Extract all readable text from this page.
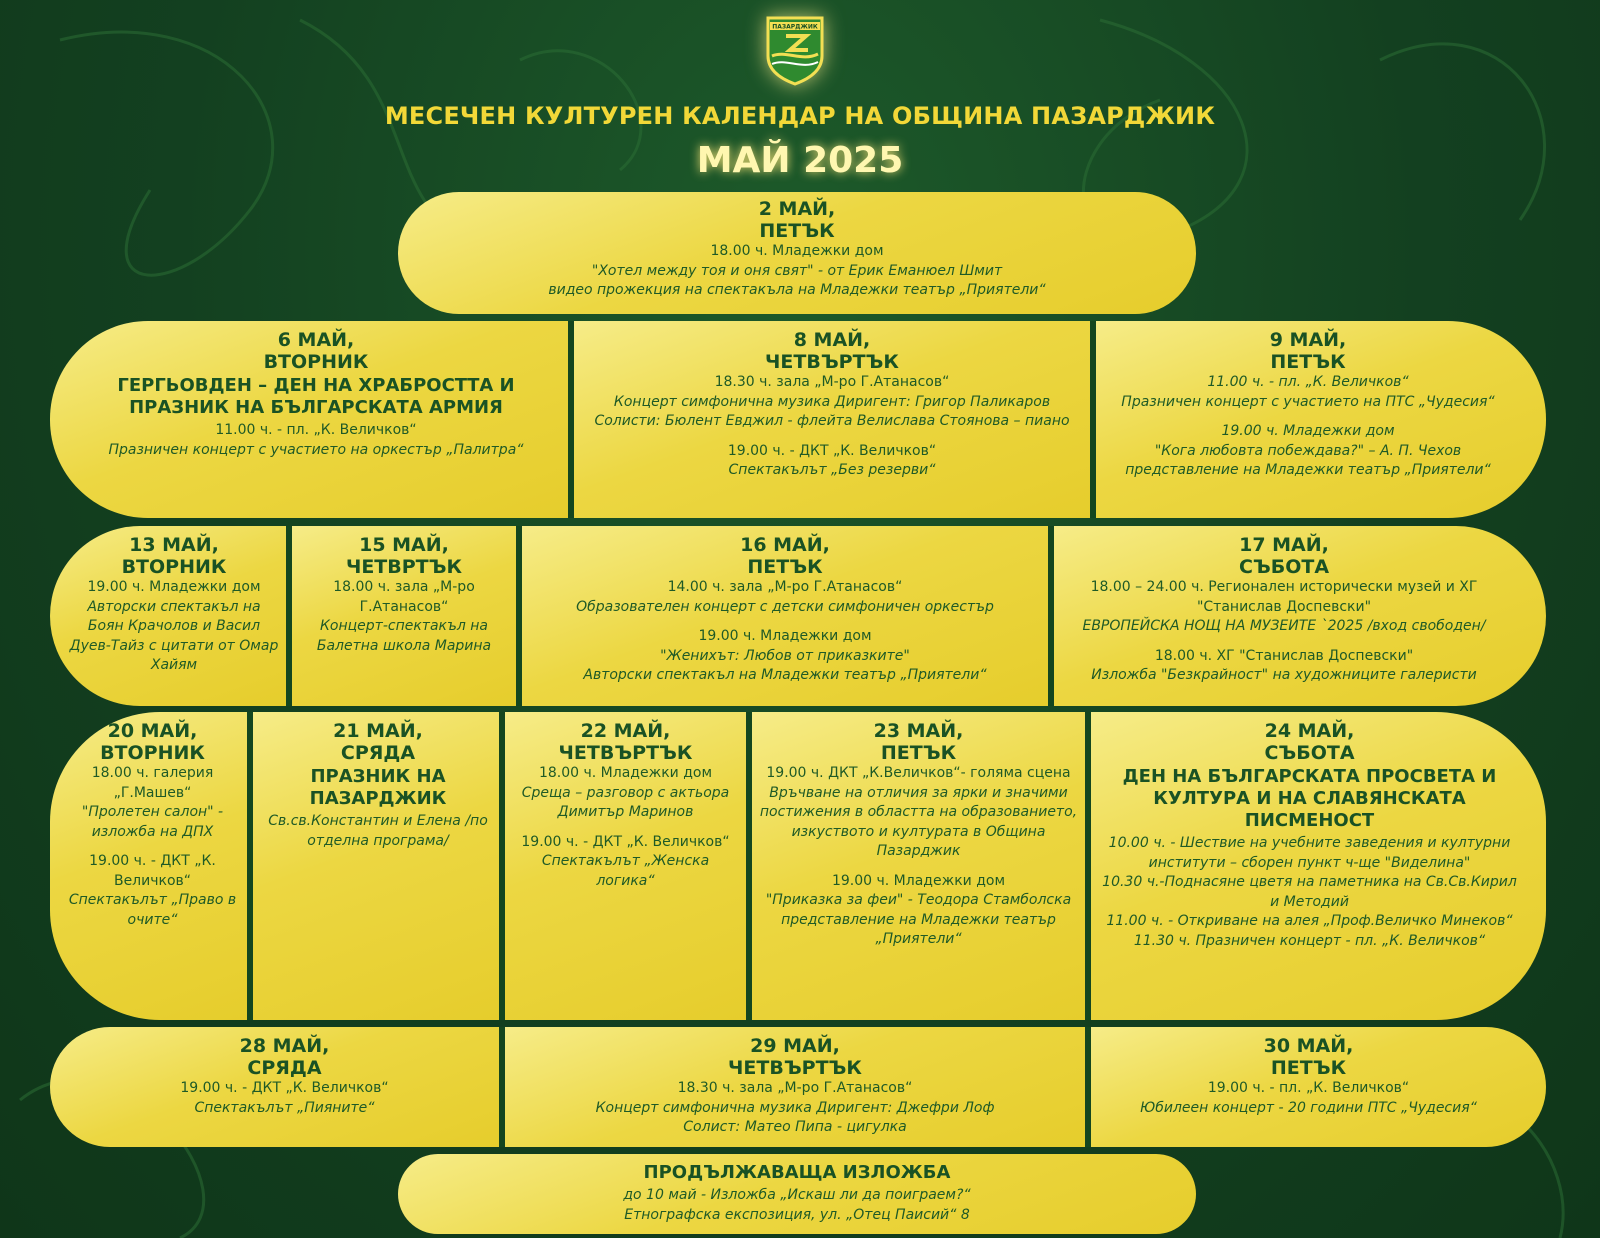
ПАЗАРДЖИК
МЕСЕЧЕН КУЛТУРЕН КАЛЕНДАР НА ОБЩИНА ПАЗАРДЖИК
МАЙ 2025

2 МАЙ,

ПЕТЪК

18.00 ч. Младежки дом

"Хотел между тоя и оня свят" - от Ерик Еманюел Шмит

видео прожекция на спектакъла на Младежки театър „Приятели“

6 МАЙ,

ВТОРНИК

ГЕРГЬОВДЕН – ДЕН НА ХРАБРОСТТА И ПРАЗНИК НА БЪЛГАРСКАТА АРМИЯ

11.00 ч. - пл. „К. Величков“

Празничен концерт с участието на оркестър „Палитра“

8 МАЙ,

ЧЕТВЪРТЪК

18.30 ч. зала „М-ро Г.Атанасов“

Концерт симфонична музика Диригент: Григор Паликаров

Солисти: Бюлент Евджил - флейта Велислава Стоянова – пиано

19.00 ч. - ДКТ „К. Величков“

Спектакълът „Без резерви“

9 МАЙ,

ПЕТЪК

11.00 ч. - пл. „К. Величков“

Празничен концерт с участието на ПТС „Чудесия“

19.00 ч. Младежки дом

"Кога любовта побеждава?" – А. П. Чехов

представление на Младежки театър „Приятели“

13 МАЙ,

ВТОРНИК

19.00 ч. Младежки дом

Авторски спектакъл на Боян Крачолов и Васил Дуев-Тайз с цитати от Омар Хайям

15 МАЙ,

ЧЕТВРТЪК

18.00 ч. зала „М-ро Г.Атанасов“

Концерт-спектакъл на Балетна школа Марина

16 МАЙ,

ПЕТЪК

14.00 ч. зала „М-ро Г.Атанасов“

Образователен концерт с детски симфоничен оркестър

19.00 ч. Младежки дом

"Женихът: Любов от приказките"

Авторски спектакъл на Младежки театър „Приятели“

17 МАЙ,

СЪБОТА

18.00 – 24.00 ч. Регионален исторически музей и ХГ "Станислав Доспевски"

ЕВРОПЕЙСКА НОЩ НА МУЗЕИТЕ `2025 /вход свободен/

18.00 ч. ХГ "Станислав Доспевски"

Изложба "Безкрайност" на художниците галеристи

20 МАЙ,

ВТОРНИК

18.00 ч. галерия „Г.Машев“

"Пролетен салон" - изложба на ДПХ

19.00 ч. - ДКТ „К. Величков“

Спектакълът „Право в очите“

21 МАЙ,

СРЯДА

ПРАЗНИК НА ПАЗАРДЖИК

Св.св.Константин и Елена /по отделна програма/

22 МАЙ,

ЧЕТВЪРТЪК

18.00 ч. Младежки дом

Среща – разговор с актьора Димитър Маринов

19.00 ч. - ДКТ „К. Величков“

Спектакълът „Женска логика“

23 МАЙ,

ПЕТЪК

19.00 ч. ДКТ „К.Величков“- голяма сцена

Връчване на отличия за ярки и значими постижения в областта на образованието, изкуството и културата в Община Пазарджик

19.00 ч. Младежки дом

"Приказка за феи" - Теодора Стамболска

представление на Младежки театър „Приятели“

24 МАЙ,

СЪБОТА

ДЕН НА БЪЛГАРСКАТА ПРОСВЕТА И КУЛТУРА И НА СЛАВЯНСКАТА ПИСМЕНОСТ

10.00 ч. - Шествие на учебните заведения и културни институти – сборен пункт ч-ще "Виделина"

10.30 ч.-Поднасяне цветя на паметника на Св.Св.Кирил и Методий

11.00 ч. - Откриване на алея „Проф.Величко Минеков“

11.30 ч. Празничен концерт - пл. „К. Величков“

28 МАЙ,

СРЯДА

19.00 ч. - ДКТ „К. Величков“

Спектакълът „Пияните“

29 МАЙ,

ЧЕТВЪРТЪК

18.30 ч. зала „М-ро Г.Атанасов“

Концерт симфонична музика Диригент: Джефри Лоф

Солист: Матео Пипа - цигулка

30 МАЙ,

ПЕТЪК

19.00 ч. - пл. „К. Величков“

Юбилеен концерт - 20 години ПТС „Чудесия“

ПРОДЪЛЖАВАЩА ИЗЛОЖБА

до 10 май - Изложба „Искаш ли да поиграем?“

Етнографска експозиция, ул. „Отец Паисий“ 8
